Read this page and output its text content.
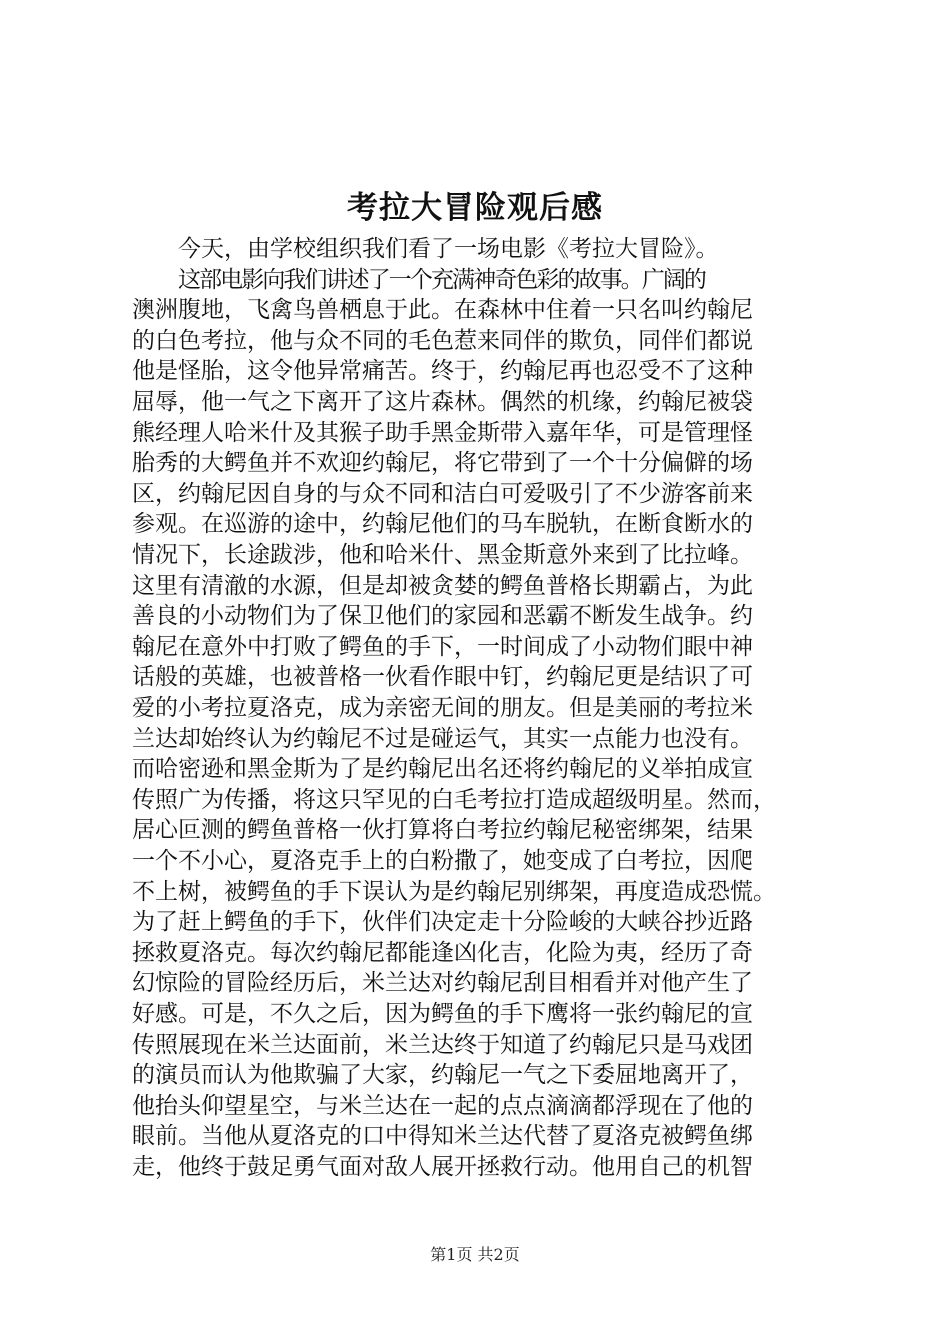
考拉大冒险观后感
今天，由学校组织我们看了一场电影《考拉大冒险》。
这部电影向我们讲述了一个充满神奇色彩的故事。广阔的
澳洲腹地，飞禽鸟兽栖息于此。在森林中住着一只名叫约翰尼
的白色考拉，他与众不同的毛色惹来同伴的欺负，同伴们都说
他是怪胎，这令他异常痛苦。终于，约翰尼再也忍受不了这种
屈辱，他一气之下离开了这片森林。偶然的机缘，约翰尼被袋
熊经理人哈米什及其猴子助手黑金斯带入嘉年华，可是管理怪
胎秀的大鳄鱼并不欢迎约翰尼，将它带到了一个十分偏僻的场
区，约翰尼因自身的与众不同和洁白可爱吸引了不少游客前来
参观。在巡游的途中，约翰尼他们的马车脱轨，在断食断水的
情况下，长途跋涉，他和哈米什、黑金斯意外来到了比拉峰。
这里有清澈的水源，但是却被贪婪的鳄鱼普格长期霸占，为此
善良的小动物们为了保卫他们的家园和恶霸不断发生战争。约
翰尼在意外中打败了鳄鱼的手下，一时间成了小动物们眼中神
话般的英雄，也被普格一伙看作眼中钉，约翰尼更是结识了可
爱的小考拉夏洛克，成为亲密无间的朋友。但是美丽的考拉米
兰达却始终认为约翰尼不过是碰运气，其实一点能力也没有。
而哈密逊和黑金斯为了是约翰尼出名还将约翰尼的义举拍成宣
传照广为传播，将这只罕见的白毛考拉打造成超级明星。然而，
居心叵测的鳄鱼普格一伙打算将白考拉约翰尼秘密绑架，结果
一个不小心，夏洛克手上的白粉撒了，她变成了白考拉，因爬
不上树，被鳄鱼的手下误认为是约翰尼别绑架，再度造成恐慌。
为了赶上鳄鱼的手下，伙伴们决定走十分险峻的大峡谷抄近路
拯救夏洛克。每次约翰尼都能逢凶化吉，化险为夷，经历了奇
幻惊险的冒险经历后，米兰达对约翰尼刮目相看并对他产生了
好感。可是，不久之后，因为鳄鱼的手下鹰将一张约翰尼的宣
传照展现在米兰达面前，米兰达终于知道了约翰尼只是马戏团
的演员而认为他欺骗了大家，约翰尼一气之下委屈地离开了，
他抬头仰望星空，与米兰达在一起的点点滴滴都浮现在了他的
眼前。当他从夏洛克的口中得知米兰达代替了夏洛克被鳄鱼绑
走，他终于鼓足勇气面对敌人展开拯救行动。他用自己的机智
第1页 共2页
